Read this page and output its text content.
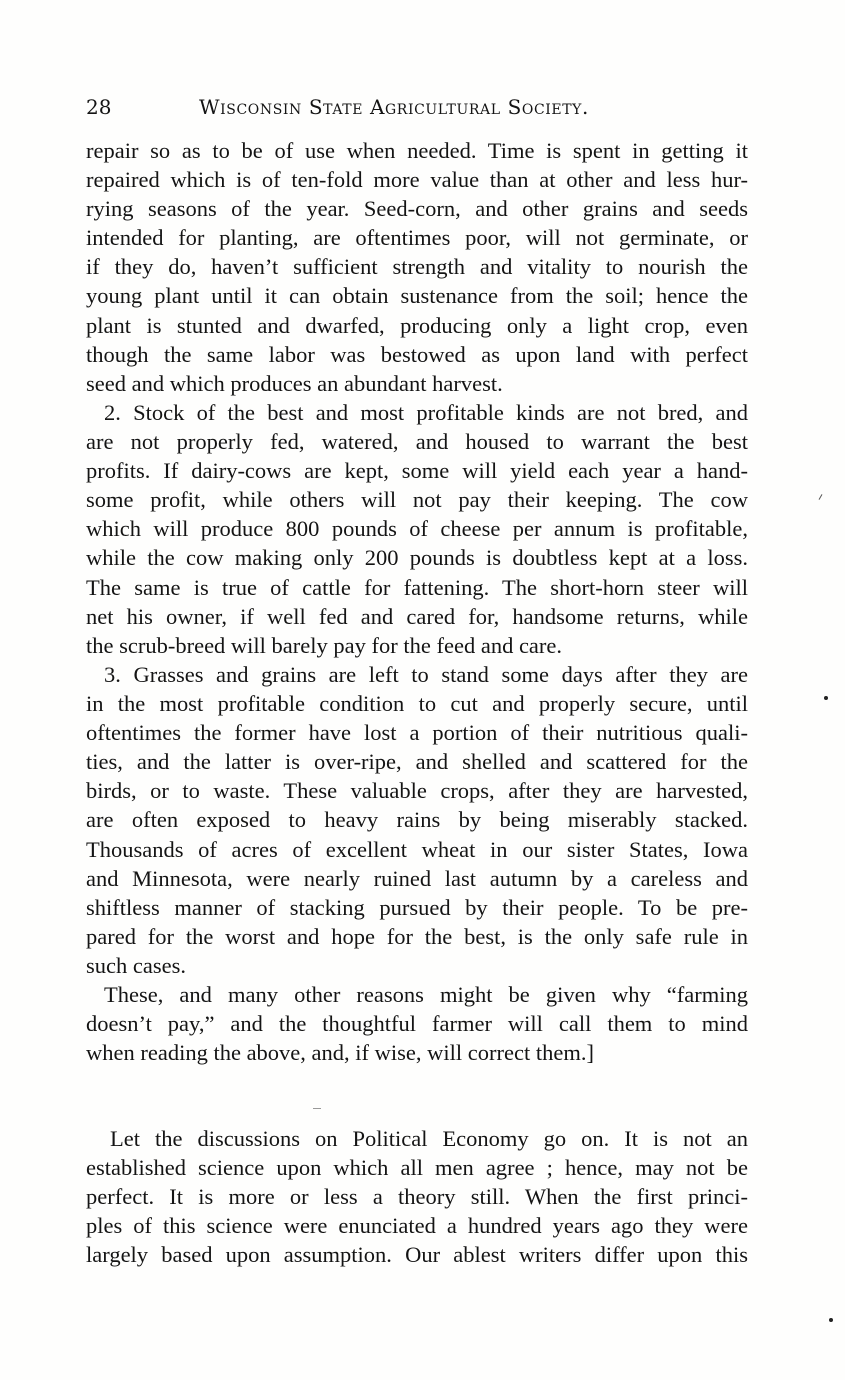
28	Wisconsin State Agricultural Society.
repair so as to be of use when needed. Time is spent in getting it
repaired which is of ten-fold more value than at other and less hur-
rying seasons of the year. Seed-corn, and other grains and seeds
intended for planting, are oftentimes poor, will not germinate, or
if they do, haven’t sufficient strength and vitality to nourish the
young plant until it can obtain sustenance from the soil; hence the
plant is stunted and dwarfed, producing only a light crop, even
though the same labor was bestowed as upon land with perfect
seed and which produces an abundant harvest.
2. Stock of the best and most profitable kinds are not bred, and
are not properly fed, watered, and housed to warrant the best
profits. If dairy-cows are kept, some will yield each year a hand-
some profit, while others will not pay their keeping. The cow
which will produce 800 pounds of cheese per annum is profitable,
while the cow making only 200 pounds is doubtless kept at a loss.
The same is true of cattle for fattening. The short-horn steer will
net his owner, if well fed and cared for, handsome returns, while
the scrub-breed will barely pay for the feed and care.
3. Grasses and grains are left to stand some days after they are
in the most profitable condition to cut and properly secure, until
oftentimes the former have lost a portion of their nutritious quali-
ties, and the latter is over-ripe, and shelled and scattered for the
birds, or to waste. These valuable crops, after they are harvested,
are often exposed to heavy rains by being miserably stacked.
Thousands of acres of excellent wheat in our sister States, Iowa
and Minnesota, were nearly ruined last autumn by a careless and
shiftless manner of stacking pursued by their people. To be pre-
pared for the worst and hope for the best, is the only safe rule in
such cases.
These, and many other reasons might be given why “farming
doesn’t pay,” and the thoughtful farmer will call them to mind
when reading the above, and, if wise, will correct them.]
Let the discussions on Political Economy go on. It is not an
established science upon which all men agree ; hence, may not be
perfect. It is more or less a theory still. When the first princi-
ples of this science were enunciated a hundred years ago they were
largely based upon assumption. Our ablest writers differ upon this
